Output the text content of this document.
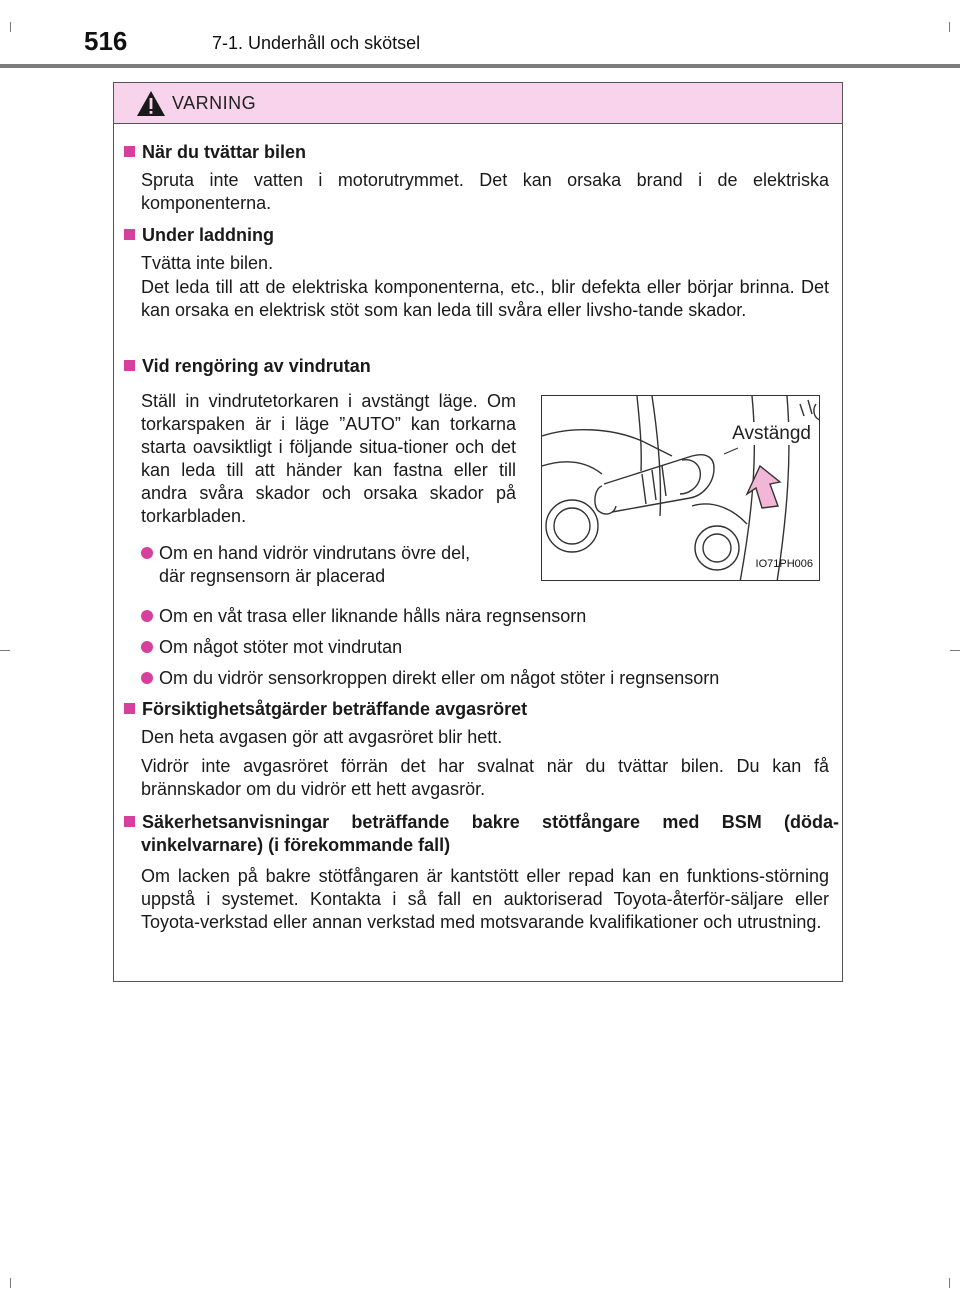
516	7-1. Underhåll och skötsel
VARNING
När du tvättar bilen
Spruta inte vatten i motorutrymmet. Det kan orsaka brand i de elektriska komponenterna.
Under laddning
Tvätta inte bilen.
Det leda till att de elektriska komponenterna, etc., blir defekta eller börjar brinna. Det kan orsaka en elektrisk stöt som kan leda till svåra eller livsho-tande skador.
Vid rengöring av vindrutan
Ställ in vindrutetorkaren i avstängt läge. Om torkarspaken är i läge ”AUTO” kan torkarna starta oavsiktligt i följande situa-tioner och det kan leda till att händer kan fastna eller till andra svåra skador och orsaka skador på torkarbladen.
Om en hand vidrör vindrutans övre del,
där regnsensorn är placerad
Avstängd
IO71PH006
Om en våt trasa eller liknande hålls nära regnsensorn
Om något stöter mot vindrutan
Om du vidrör sensorkroppen direkt eller om något stöter i regnsensorn
Försiktighetsåtgärder beträffande avgasröret
Den heta avgasen gör att avgasröret blir hett.
Vidrör inte avgasröret förrän det har svalnat när du tvättar bilen. Du kan få brännskador om du vidrör ett hett avgasrör.
Säkerhetsanvisningar beträffande bakre stötfångare med BSM (döda-
vinkelvarnare) (i förekommande fall)
Om lacken på bakre stötfångaren är kantstött eller repad kan en funktions-störning uppstå i systemet. Kontakta i så fall en auktoriserad Toyota-återför-säljare eller Toyota-verkstad eller annan verkstad med motsvarande kvalifikationer och utrustning.
